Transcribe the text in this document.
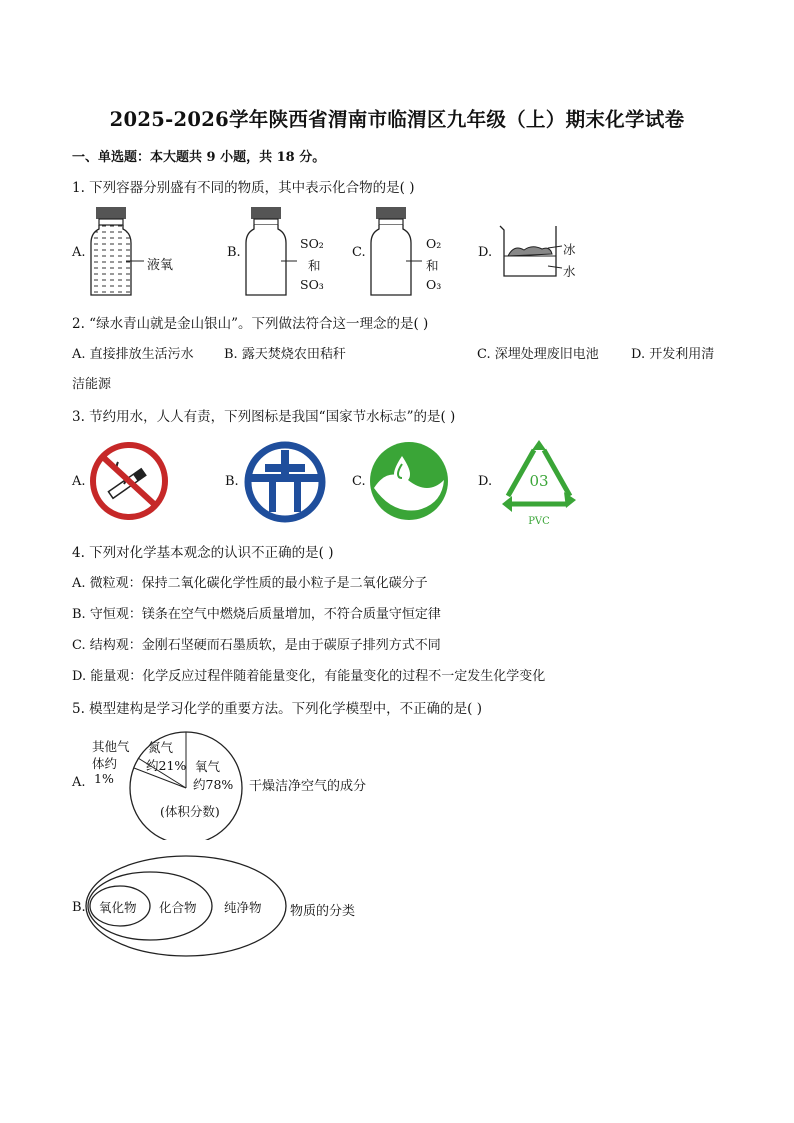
2025-2026学年陕西省渭南市临渭区九年级（上）期末化学试卷
一、单选题：本大题共 9 小题，共 18 分。
1. 下列容器分别盛有不同的物质，其中表示化合物的是( )
A.
液氧
B.
SO₂
和
SO₃
C.
O₂
和
O₃
D.	冰
水
2. “绿水青山就是金山银山”。下列做法符合这一理念的是( )
A. 直接排放生活污水 B. 露天焚烧农田秸秆	C. 深埋处理废旧电池 D. 开发利用清
洁能源
3. 节约用水，人人有责，下列图标是我国“国家节水标志”的是( )
A.	B.	C.	D. 03
PVC
4. 下列对化学基本观念的认识不正确的是( )
A. 微粒观：保持二氧化碳化学性质的最小粒子是二氧化碳分子
B. 守恒观：镁条在空气中燃烧后质量增加，不符合质量守恒定律
C. 结构观：金刚石坚硬而石墨质软，是由于碳原子排列方式不同
D. 能量观：化学反应过程伴随着能量变化，有能量变化的过程不一定发生化学变化
5. 模型建构是学习化学的重要方法。下列化学模型中，不正确的是( )
A.
其他气
体约
1%
氮气
约21% 氧气
约78%
(体积分数)
干燥洁净空气的成分
B. 氧化物 化合物 纯净物 物质的分类
